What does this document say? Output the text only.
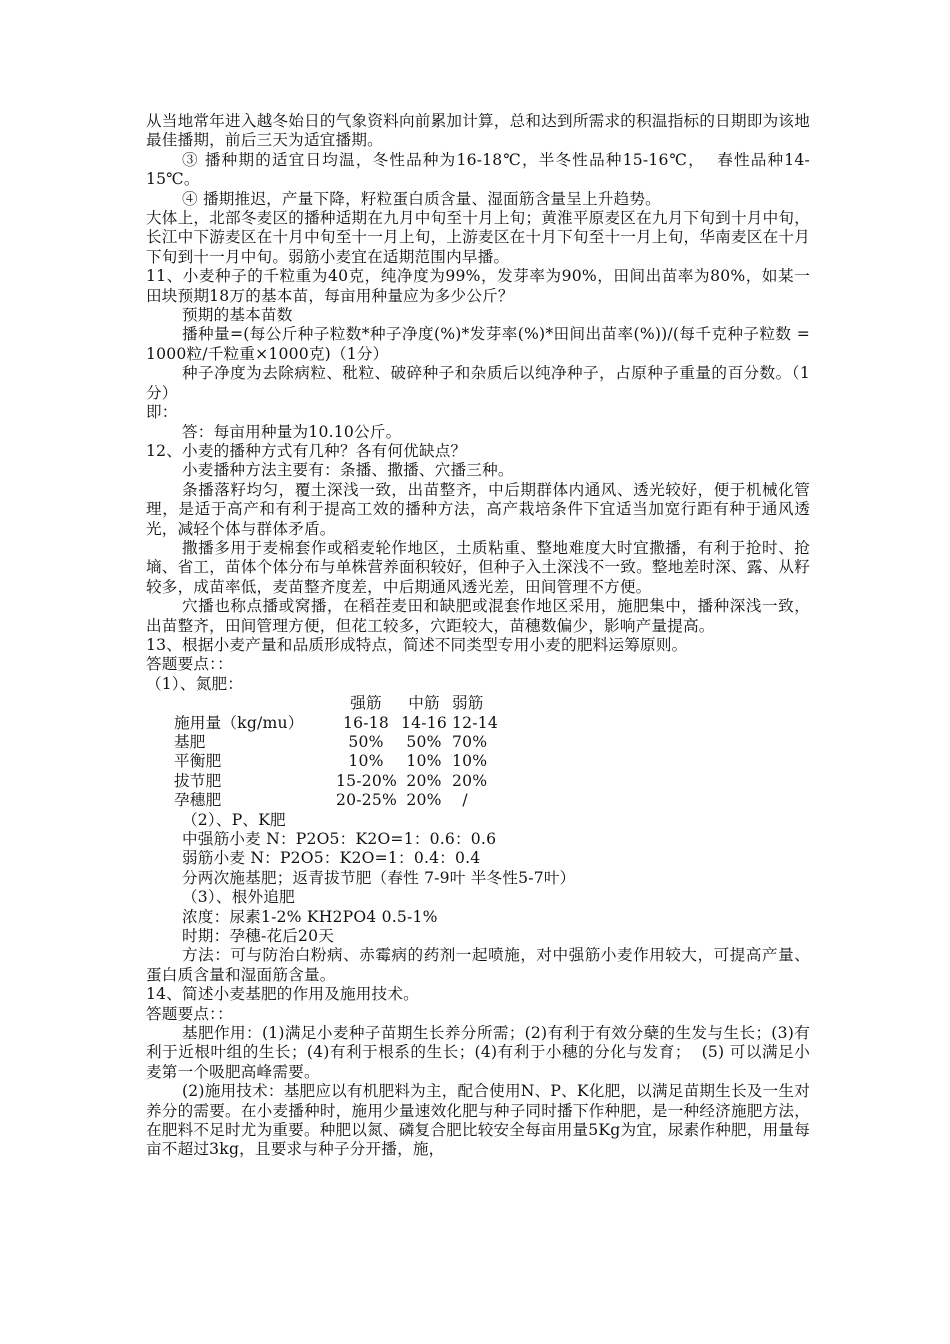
从当地常年进入越冬始日的气象资料向前累加计算，总和达到所需求的积温指标的日期即为该地最佳播期，前后三天为适宜播期。

③ 播种期的适宜日均温，冬性品种为16-18℃，半冬性品种15-16℃，  春性品种14-15℃。

④ 播期推迟，产量下降，籽粒蛋白质含量、湿面筋含量呈上升趋势。

大体上，北部冬麦区的播种适期在九月中旬至十月上旬；黄淮平原麦区在九月下旬到十月中旬，长江中下游麦区在十月中旬至十一月上旬，上游麦区在十月下旬至十一月上旬，华南麦区在十月下旬到十一月中旬。弱筋小麦宜在适期范围内早播。

11、小麦种子的千粒重为40克，纯净度为99%，发芽率为90%，田间出苗率为80%，如某一田块预期18万的基本苗，每亩用种量应为多少公斤？

预期的基本苗数

播种量=(每公斤种子粒数*种子净度(%)*发芽率(%)*田间出苗率(%))/(每千克种子粒数 = 1000粒/千粒重×1000克)（1分）

种子净度为去除病粒、秕粒、破碎种子和杂质后以纯净种子，占原种子重量的百分数。（1分）

即：

答：每亩用种量为10.10公斤。

12、小麦的播种方式有几种？各有何优缺点？

小麦播种方法主要有：条播、撒播、穴播三种。

条播落籽均匀，覆土深浅一致，出苗整齐，中后期群体内通风、透光较好，便于机械化管理，是适于高产和有利于提高工效的播种方法，高产栽培条件下宜适当加宽行距有种于通风透光，减轻个体与群体矛盾。

撒播多用于麦棉套作或稻麦轮作地区，土质粘重、整地难度大时宜撒播，有利于抢时、抢墒、省工，苗体个体分布与单株营养面积较好，但种子入土深浅不一致。整地差时深、露、从籽较多，成苗率低，麦苗整齐度差，中后期通风透光差，田间管理不方便。

穴播也称点播或窝播，在稻茬麦田和缺肥或混套作地区采用，施肥集中，播种深浅一致，出苗整齐，田间管理方便，但花工较多，穴距较大，苗穗数偏少，影响产量提高。

13、根据小麦产量和品质形成特点，简述不同类型专用小麦的肥料运筹原则。

答题要点：：

（1）、氮肥：

强筋	中筋 弱筋
施用量（kg/mu）	16-18 14-16 12-14
基肥	50%	50% 70%
平衡肥	10%	10% 10%
拔节肥	15-20% 20% 20%
孕穗肥	20-25% 20% /

（2）、P、K肥

中强筋小麦 N：P2O5：K2O=1：0.6：0.6

弱筋小麦 N：P2O5：K2O=1：0.4：0.4

分两次施基肥；返青拔节肥（春性 7-9叶 半冬性5-7叶）

（3）、根外追肥

浓度：尿素1-2% KH2PO4 0.5-1%

时期：孕穗-花后20天

方法：可与防治白粉病、赤霉病的药剂一起喷施，对中强筋小麦作用较大，可提高产量、蛋白质含量和湿面筋含量。

14、简述小麦基肥的作用及施用技术。

答题要点：：

基肥作用：(1)满足小麦种子苗期生长养分所需；(2)有利于有效分蘖的生发与生长；(3)有利于近根叶组的生长；(4)有利于根系的生长；(4)有利于小穗的分化与发育；  (5) 可以满足小麦第一个吸肥高峰需要。

(2)施用技术：基肥应以有机肥料为主，配合使用N、P、K化肥，以满足苗期生长及一生对养分的需要。在小麦播种时，施用少量速效化肥与种子同时播下作种肥，是一种经济施肥方法，在肥料不足时尤为重要。种肥以氮、磷复合肥比较安全每亩用量5Kg为宜，尿素作种肥，用量每亩不超过3kg，且要求与种子分开播，施，
